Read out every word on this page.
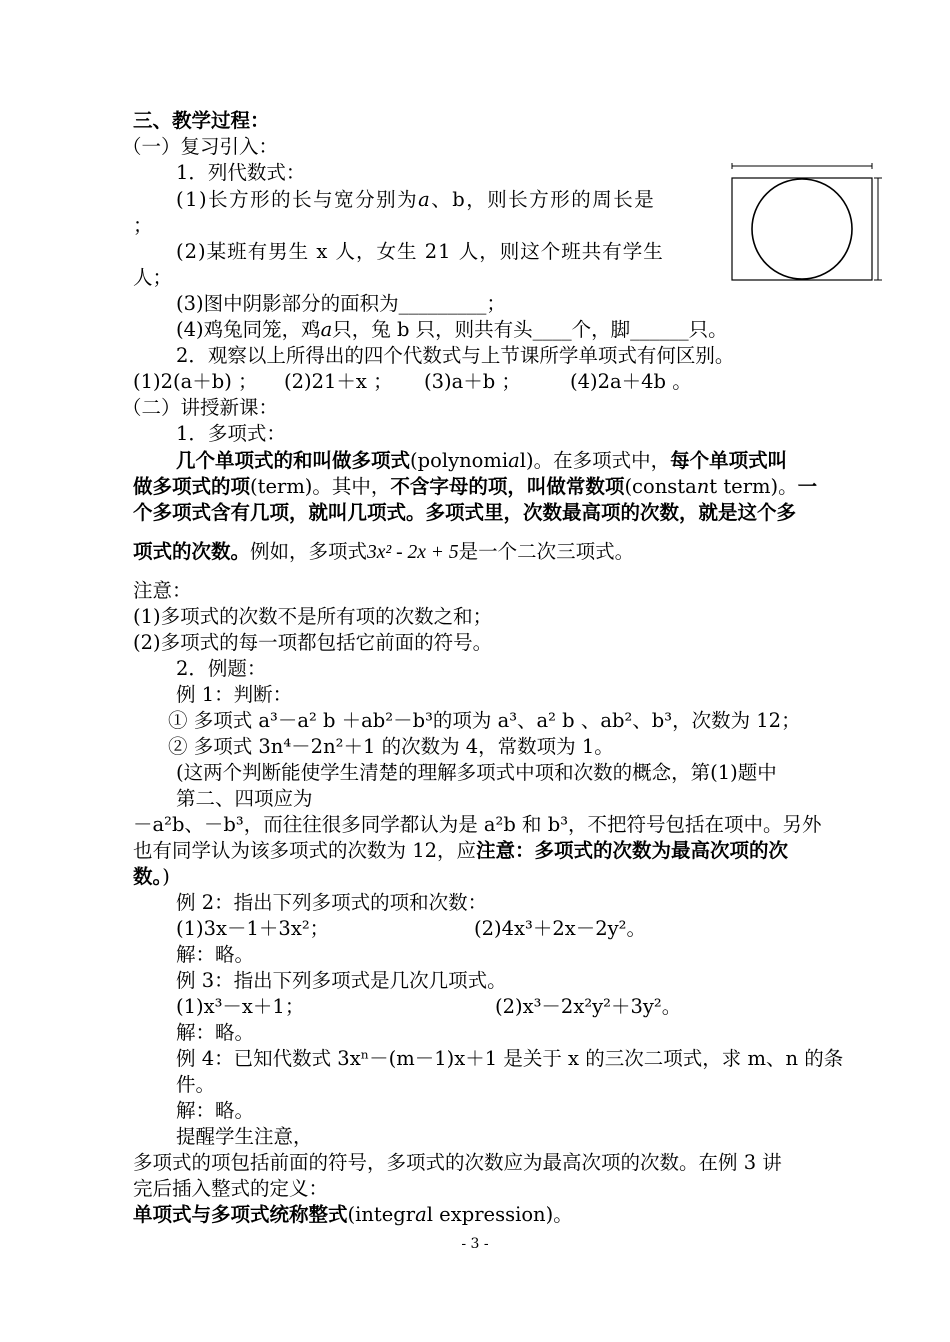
三、教学过程：

（一）复习引入：

1．列代数式：

(1)长方形的长与宽分别为a、b，则长方形的周长是

；

(2)某班有男生 x 人，女生 21 人，则这个班共有学生

人；

(3)图中阴影部分的面积为_________；

(4)鸡兔同笼，鸡a只，兔 b 只，则共有头____个，脚______只。

2．观察以上所得出的四个代数式与上节课所学单项式有何区别。

(1)2(a＋b) ； (2)21＋x ； (3)a＋b ；	(4)2a＋4b 。

（二）讲授新课：

1．多项式：

几个单项式的和叫做多项式(polynomial)。在多项式中，每个单项式叫

做多项式的项(term)。其中，不含字母的项，叫做常数项(constant term)。一

个多项式含有几项，就叫几项式。多项式里，次数最高项的次数，就是这个多

项式的次数。例如，多项式3x² - 2x + 5是一个二次三项式。

注意：

(1)多项式的次数不是所有项的次数之和；

(2)多项式的每一项都包括它前面的符号。

2．例题：

例 1：判断：

① 多项式 a³－a² b ＋ab²－b³的项为 a³、a² b 、ab²、b³，次数为 12；

② 多项式 3n⁴－2n²＋1 的次数为 4，常数项为 1。

(这两个判断能使学生清楚的理解多项式中项和次数的概念，第(1)题中

第二、四项应为

－a²b、－b³，而往往很多同学都认为是 a²b 和 b³，不把符号包括在项中。另外

也有同学认为该多项式的次数为 12，应注意：多项式的次数为最高次项的次

数。)

例 2：指出下列多项式的项和次数：

(1)3x－1＋3x²；	(2)4x³＋2x－2y²。

解：略。

例 3：指出下列多项式是几次几项式。

(1)x³－x＋1；	(2)x³－2x²y²＋3y²。

解：略。

例 4：已知代数式 3xⁿ－(m－1)x＋1 是关于 x 的三次二项式，求 m、n 的条

件。

解：略。

提醒学生注意，

多项式的项包括前面的符号，多项式的次数应为最高次项的次数。在例 3 讲

完后插入整式的定义：

单项式与多项式统称整式(integral expression)。

- 3 -
